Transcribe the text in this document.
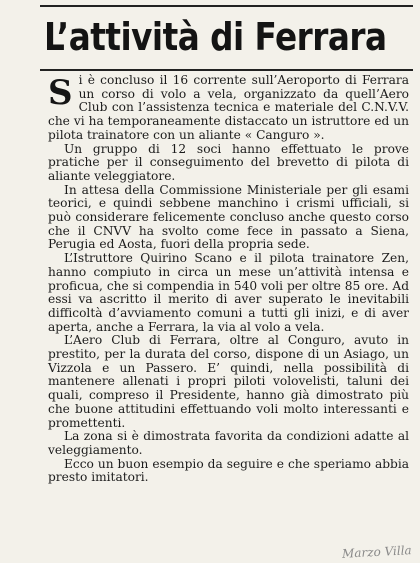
L’attività di Ferrara

Si è concluso il 16 corrente sull’Aeroporto di Ferrara un corso di volo a vela, organizzato da quell’Aero Club con l’assistenza tecnica e materiale del C.N.V.V. che vi ha temporaneamente distaccato un istruttore ed un pilota trainatore con un aliante « Canguro ».

Un gruppo di 12 soci hanno effettuato le prove pratiche per il conseguimento del brevetto di pilota di aliante veleggiatore.

In attesa della Commissione Ministeriale per gli esami teorici, e quindi sebbene manchino i crismi ufficiali, si può considerare felicemente concluso anche questo corso che il CNVV ha svolto come fece in passato a Siena, Perugia ed Aosta, fuori della propria sede.

L’Istruttore Quirino Scano e il pilota trainatore Zen, hanno compiuto in circa un mese un’attività intensa e proficua, che si compendia in 540 voli per oltre 85 ore. Ad essi va ascritto il merito di aver superato le inevitabili difficoltà d’avviamento comuni a tutti gli inizi, e di aver aperta, anche a Ferrara, la via al volo a vela.

L’Aero Club di Ferrara, oltre al Conguro, avuto in prestito, per la durata del corso, dispone di un Asiago, un Vizzola e un Passero. E’ quindi, nella possibilità di mantenere allenati i propri piloti volovelisti, taluni dei quali, compreso il Presidente, hanno già dimostrato più che buone attitudini effettuando voli molto interessanti e promettenti.

La zona si è dimostrata favorita da condizioni adatte al veleggiamento.

Ecco un buon esempio da seguire e che speriamo abbia presto imitatori.

Marzo Villa
